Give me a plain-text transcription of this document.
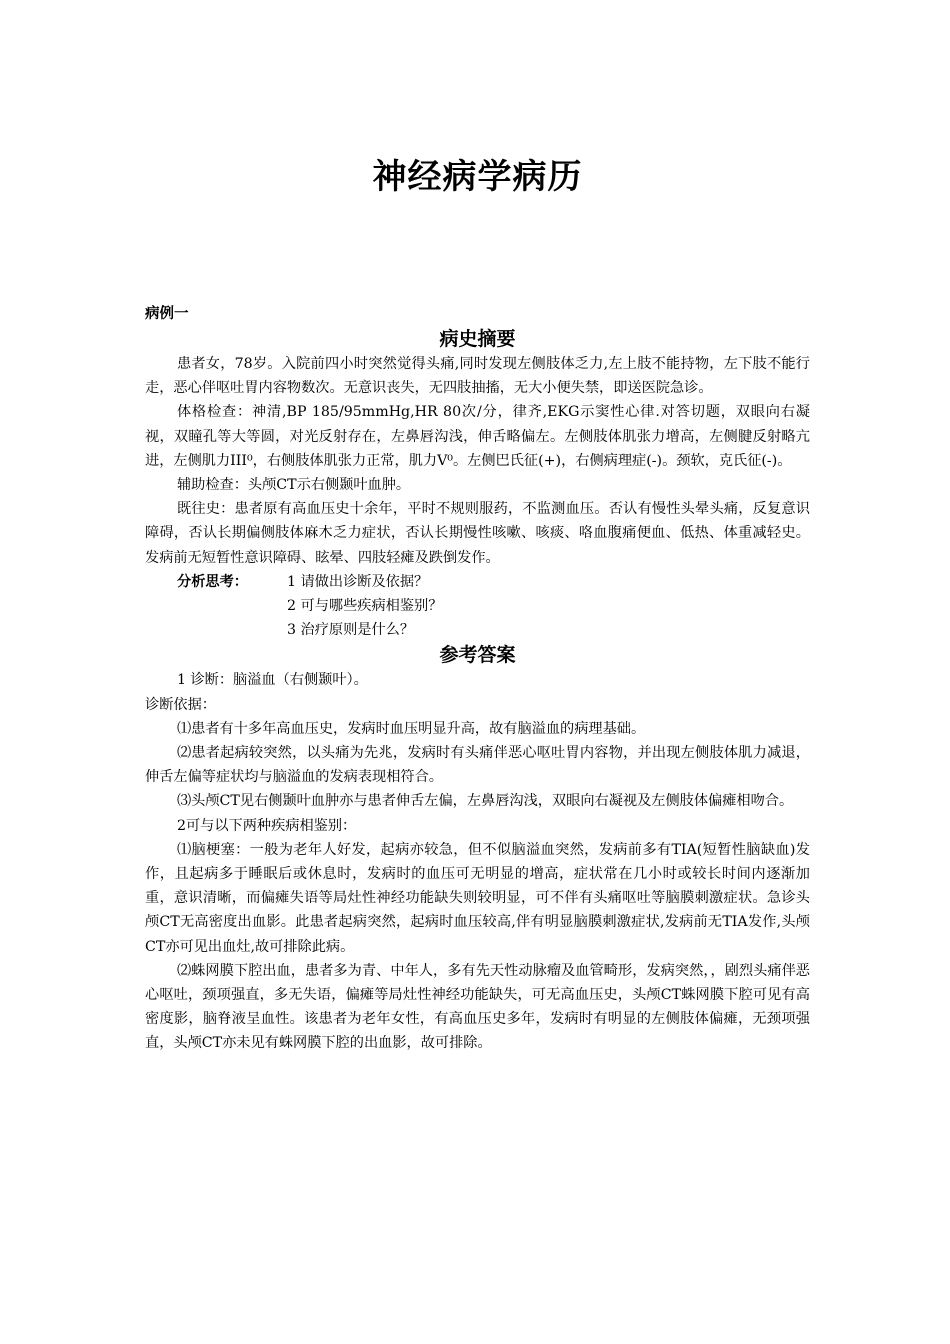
神经病学病历
病例一
病史摘要

患者女，78岁。入院前四小时突然觉得头痛,同时发现左侧肢体乏力,左上肢不能持物，左下肢不能行走，恶心伴呕吐胃内容物数次。无意识丧失，无四肢抽搐，无大小便失禁，即送医院急诊。

体格检查：神清,BP 185/95mmHg,HR 80次/分，律齐,EKG示窦性心律.对答切题，双眼向右凝视，双瞳孔等大等圆，对光反射存在，左鼻唇沟浅，伸舌略偏左。左侧肢体肌张力增高，左侧腱反射略亢进，左侧肌力III⁰，右侧肢体肌张力正常，肌力V⁰。左侧巴氏征(+)，右侧病理症(-)。颈软，克氏征(-)。

辅助检查：头颅CT示右侧颞叶血肿。

既往史：患者原有高血压史十余年，平时不规则服药，不监测血压。否认有慢性头晕头痛，反复意识障碍，否认长期偏侧肢体麻木乏力症状，否认长期慢性咳嗽、咳痰、咯血腹痛便血、低热、体重减轻史。发病前无短暂性意识障碍、眩晕、四肢轻瘫及跌倒发作。

分析思考：	1 请做出诊断及依据？
2 可与哪些疾病相鉴别？
3 治疗原则是什么？
参考答案

1 诊断：脑溢血（右侧颞叶）。

诊断依据：

⑴患者有十多年高血压史，发病时血压明显升高，故有脑溢血的病理基础。

⑵患者起病较突然，以头痛为先兆，发病时有头痛伴恶心呕吐胃内容物，并出现左侧肢体肌力减退，伸舌左偏等症状均与脑溢血的发病表现相符合。

⑶头颅CT见右侧颞叶血肿亦与患者伸舌左偏，左鼻唇沟浅，双眼向右凝视及左侧肢体偏瘫相吻合。

2可与以下两种疾病相鉴别：

⑴脑梗塞：一般为老年人好发，起病亦较急，但不似脑溢血突然，发病前多有TIA(短暂性脑缺血)发作，且起病多于睡眠后或休息时，发病时的血压可无明显的增高，症状常在几小时或较长时间内逐渐加重，意识清晰，而偏瘫失语等局灶性神经功能缺失则较明显，可不伴有头痛呕吐等脑膜刺激症状。急诊头颅CT无高密度出血影。此患者起病突然，起病时血压较高,伴有明显脑膜刺激症状,发病前无TIA发作,头颅CT亦可见出血灶,故可排除此病。

⑵蛛网膜下腔出血，患者多为青、中年人，多有先天性动脉瘤及血管畸形，发病突然，，剧烈头痛伴恶心呕吐，颈项强直，多无失语，偏瘫等局灶性神经功能缺失，可无高血压史，头颅CT蛛网膜下腔可见有高密度影，脑脊液呈血性。该患者为老年女性，有高血压史多年，发病时有明显的左侧肢体偏瘫，无颈项强直，头颅CT亦未见有蛛网膜下腔的出血影，故可排除。
